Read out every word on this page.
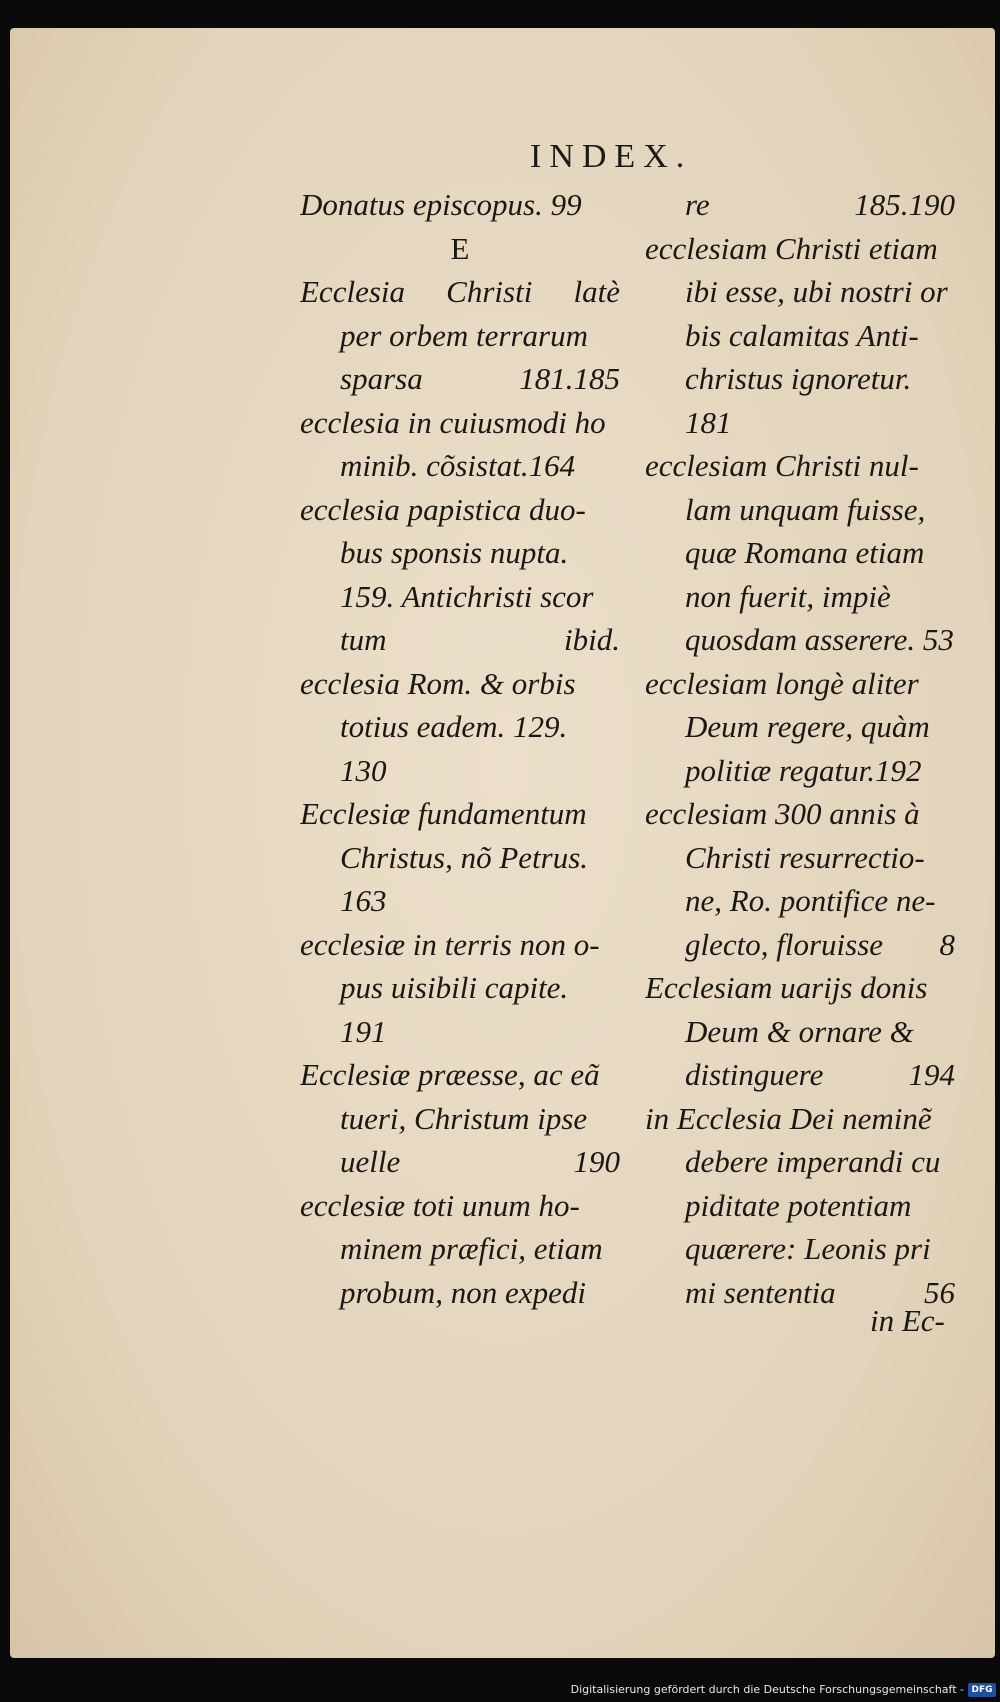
INDEX.
Donatus episcopus. 99
E
Ecclesia Christi latè
per orbem terrarum
sparsa	181.185
ecclesia in cuiusmodi ho
minib. cõsistat.164
ecclesia papistica duo-
bus sponsis nupta.
159. Antichristi scor
tum	ibid.
ecclesia Rom. & orbis
totius eadem. 129.
130
Ecclesiæ fundamentum
Christus, nõ Petrus.
163
ecclesiæ in terris non o-
pus uisibili capite.
191
Ecclesiæ præesse, ac eã
tueri, Christum ipse
uelle	190
ecclesiæ toti unum ho-
minem præfici, etiam
probum, non expedi
re	185.190
ecclesiam Christi etiam
ibi esse, ubi nostri or
bis calamitas Anti-
christus ignoretur.
181
ecclesiam Christi nul-
lam unquam fuisse,
quæ Romana etiam
non fuerit, impiè
quosdam asserere. 53
ecclesiam longè aliter
Deum regere, quàm
politiæ regatur.192
ecclesiam 300 annis à
Christi resurrectio-
ne, Ro. pontifice ne-
glecto, floruisse 8
Ecclesiam uarijs donis
Deum & ornare &
distinguere	194
in Ecclesia Dei neminẽ
debere imperandi cu
piditate potentiam
quærere: Leonis pri
mi sententia	56
in Ec-
Digitalisierung gefördert durch die Deutsche Forschungsgemeinschaft - DFG
